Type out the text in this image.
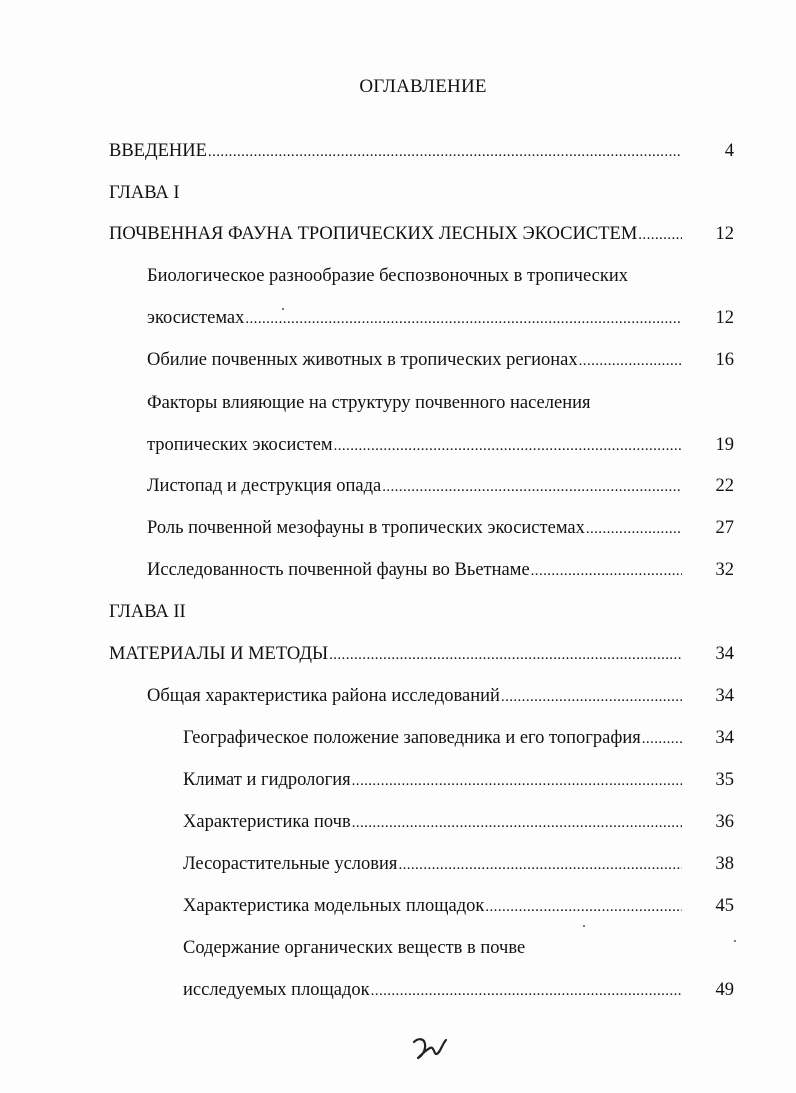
ОГЛАВЛЕНИЕ
ВВЕДЕНИЕ .....	4
ГЛАВА I
ПОЧВЕННАЯ ФАУНА ТРОПИЧЕСКИХ ЛЕСНЫХ ЭКОСИСТЕМ .....	12
Биологическое разнообразие беспозвоночных в тропических
экосистемах .....	12
Обилие почвенных животных в тропических регионах .....	16
Факторы влияющие на структуру почвенного населения
тропических экосистем .....	19
Листопад и деструкция опада .....	22
Роль почвенной мезофауны в тропических экосистемах .....	27
Исследованность почвенной фауны во Вьетнаме .....	32
ГЛАВА II
МАТЕРИАЛЫ И МЕТОДЫ .....	34
Общая характеристика района исследований .....	34
Географическое положение заповедника и его топография .....	34
Климат и гидрология .....	35
Характеристика почв .....	36
Лесорастительные условия .....	38
Характеристика модельных площадок .....	45
Содержание органических веществ в почве
исследуемых площадок .....	49
